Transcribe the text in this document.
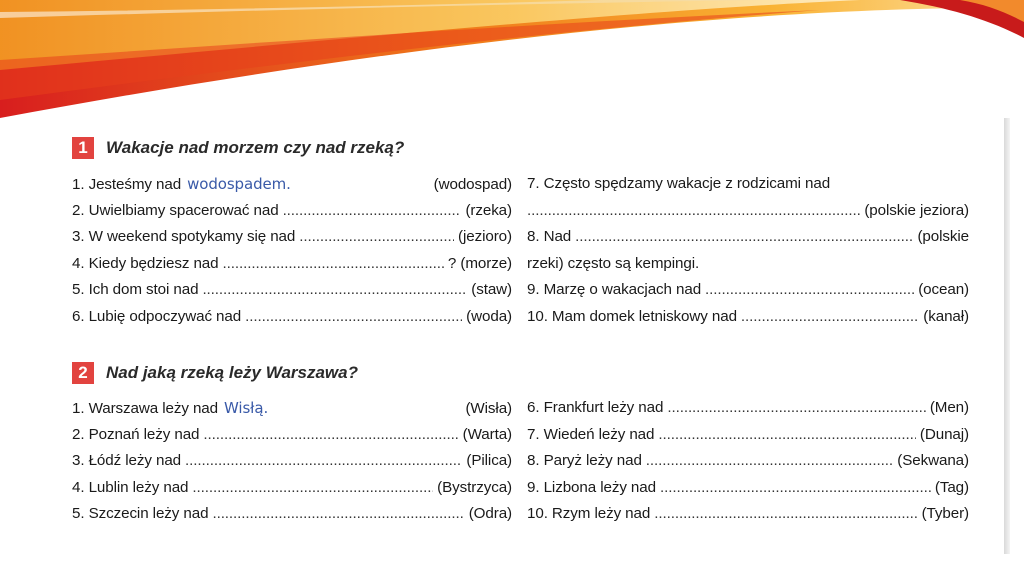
1	Wakacje nad morzem czy nad rzeką?
1. Jesteśmy nad wodospadem.	(wodospad)
2. Uwielbiamy spacerować nad .....	(rzeka)
3. W weekend spotykamy się nad .....	(jezioro)
4. Kiedy będziesz nad .....	? (morze)
5. Ich dom stoi nad .....	(staw)
6. Lubię odpoczywać nad .....	(woda)
7. Często spędzamy wakacje z rodzicami nad
.....
(polskie jeziora)
8. Nad .....	(polskie
rzeki) często są kempingi.
9. Marzę o wakacjach nad .....	(ocean)
10. Mam domek letniskowy nad .....	(kanał)
2	Nad jaką rzeką leży Warszawa?
1. Warszawa leży nad Wisłą.	(Wisła)
2. Poznań leży nad .....	(Warta)
3. Łódź leży nad .....	(Pilica)
4. Lublin leży nad .....	(Bystrzyca)
5. Szczecin leży nad .....	(Odra)
6. Frankfurt leży nad .....	(Men)
7. Wiedeń leży nad .....	(Dunaj)
8. Paryż leży nad .....	(Sekwana)
9. Lizbona leży nad .....	(Tag)
10. Rzym leży nad .....	(Tyber)
